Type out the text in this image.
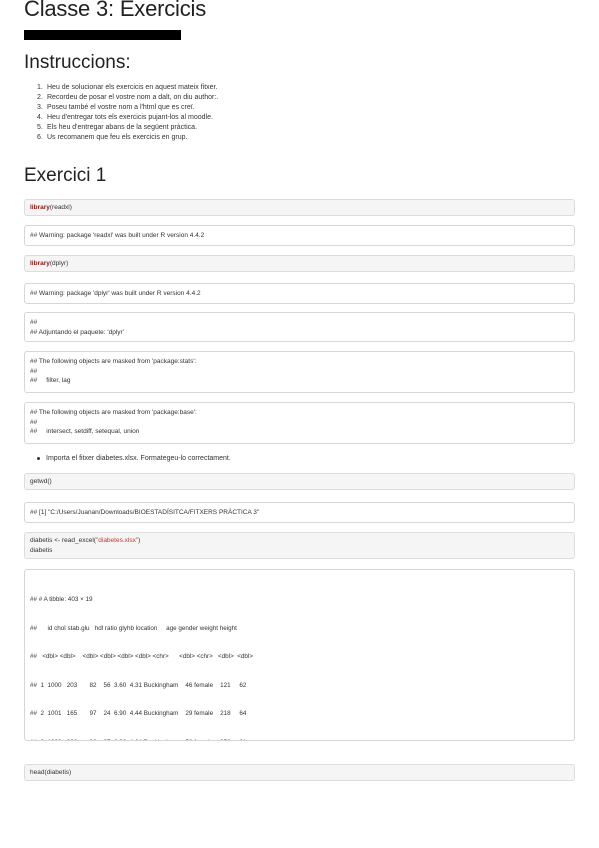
Classe 3: Exercicis
Instruccions:
1. Heu de solucionar els exercicis en aquest mateix fitxer.
2. Recordeu de posar el vostre nom a dalt, on diu author:.
3. Poseu també el vostre nom a l'html que es creï.
4. Heu d'entregar tots els exercicis pujant-los al moodle.
5. Els heu d'entregar abans de la següent pràctica.
6. Us recomanem que feu els exercicis en grup.
Exercici 1
library(readxl)
## Warning: package 'readxl' was built under R version 4.4.2
library(dplyr)
## Warning: package 'dplyr' was built under R version 4.4.2
##
## Adjuntando el paquete: 'dplyr'
## The following objects are masked from 'package:stats':
##
##     filter, lag
## The following objects are masked from 'package:base':
##
##     intersect, setdiff, setequal, union
Importa el fitxer diabetes.xlsx. Formategeu-lo correctament.
getwd()
## [1] "C:/Users/Juanan/Downloads/BIOESTADÍSITCA/FITXERS PRÀCTICA 3"
diabetis <- read_excel("diabetes.xlsx")
diabetis

## # A tibble: 403 × 19

##      id chol stab.glu   hdl ratio glyhb location     age gender weight height

##   <dbl> <dbl>    <dbl> <dbl> <dbl> <dbl> <chr>      <dbl> <chr>   <dbl>  <dbl>

##  1  1000   203       82    56  3.60  4.31 Buckingham    46 female    121     62

##  2  1001   165       97    24  6.90  4.44 Buckingham    29 female    218     64

head(diabetis)
